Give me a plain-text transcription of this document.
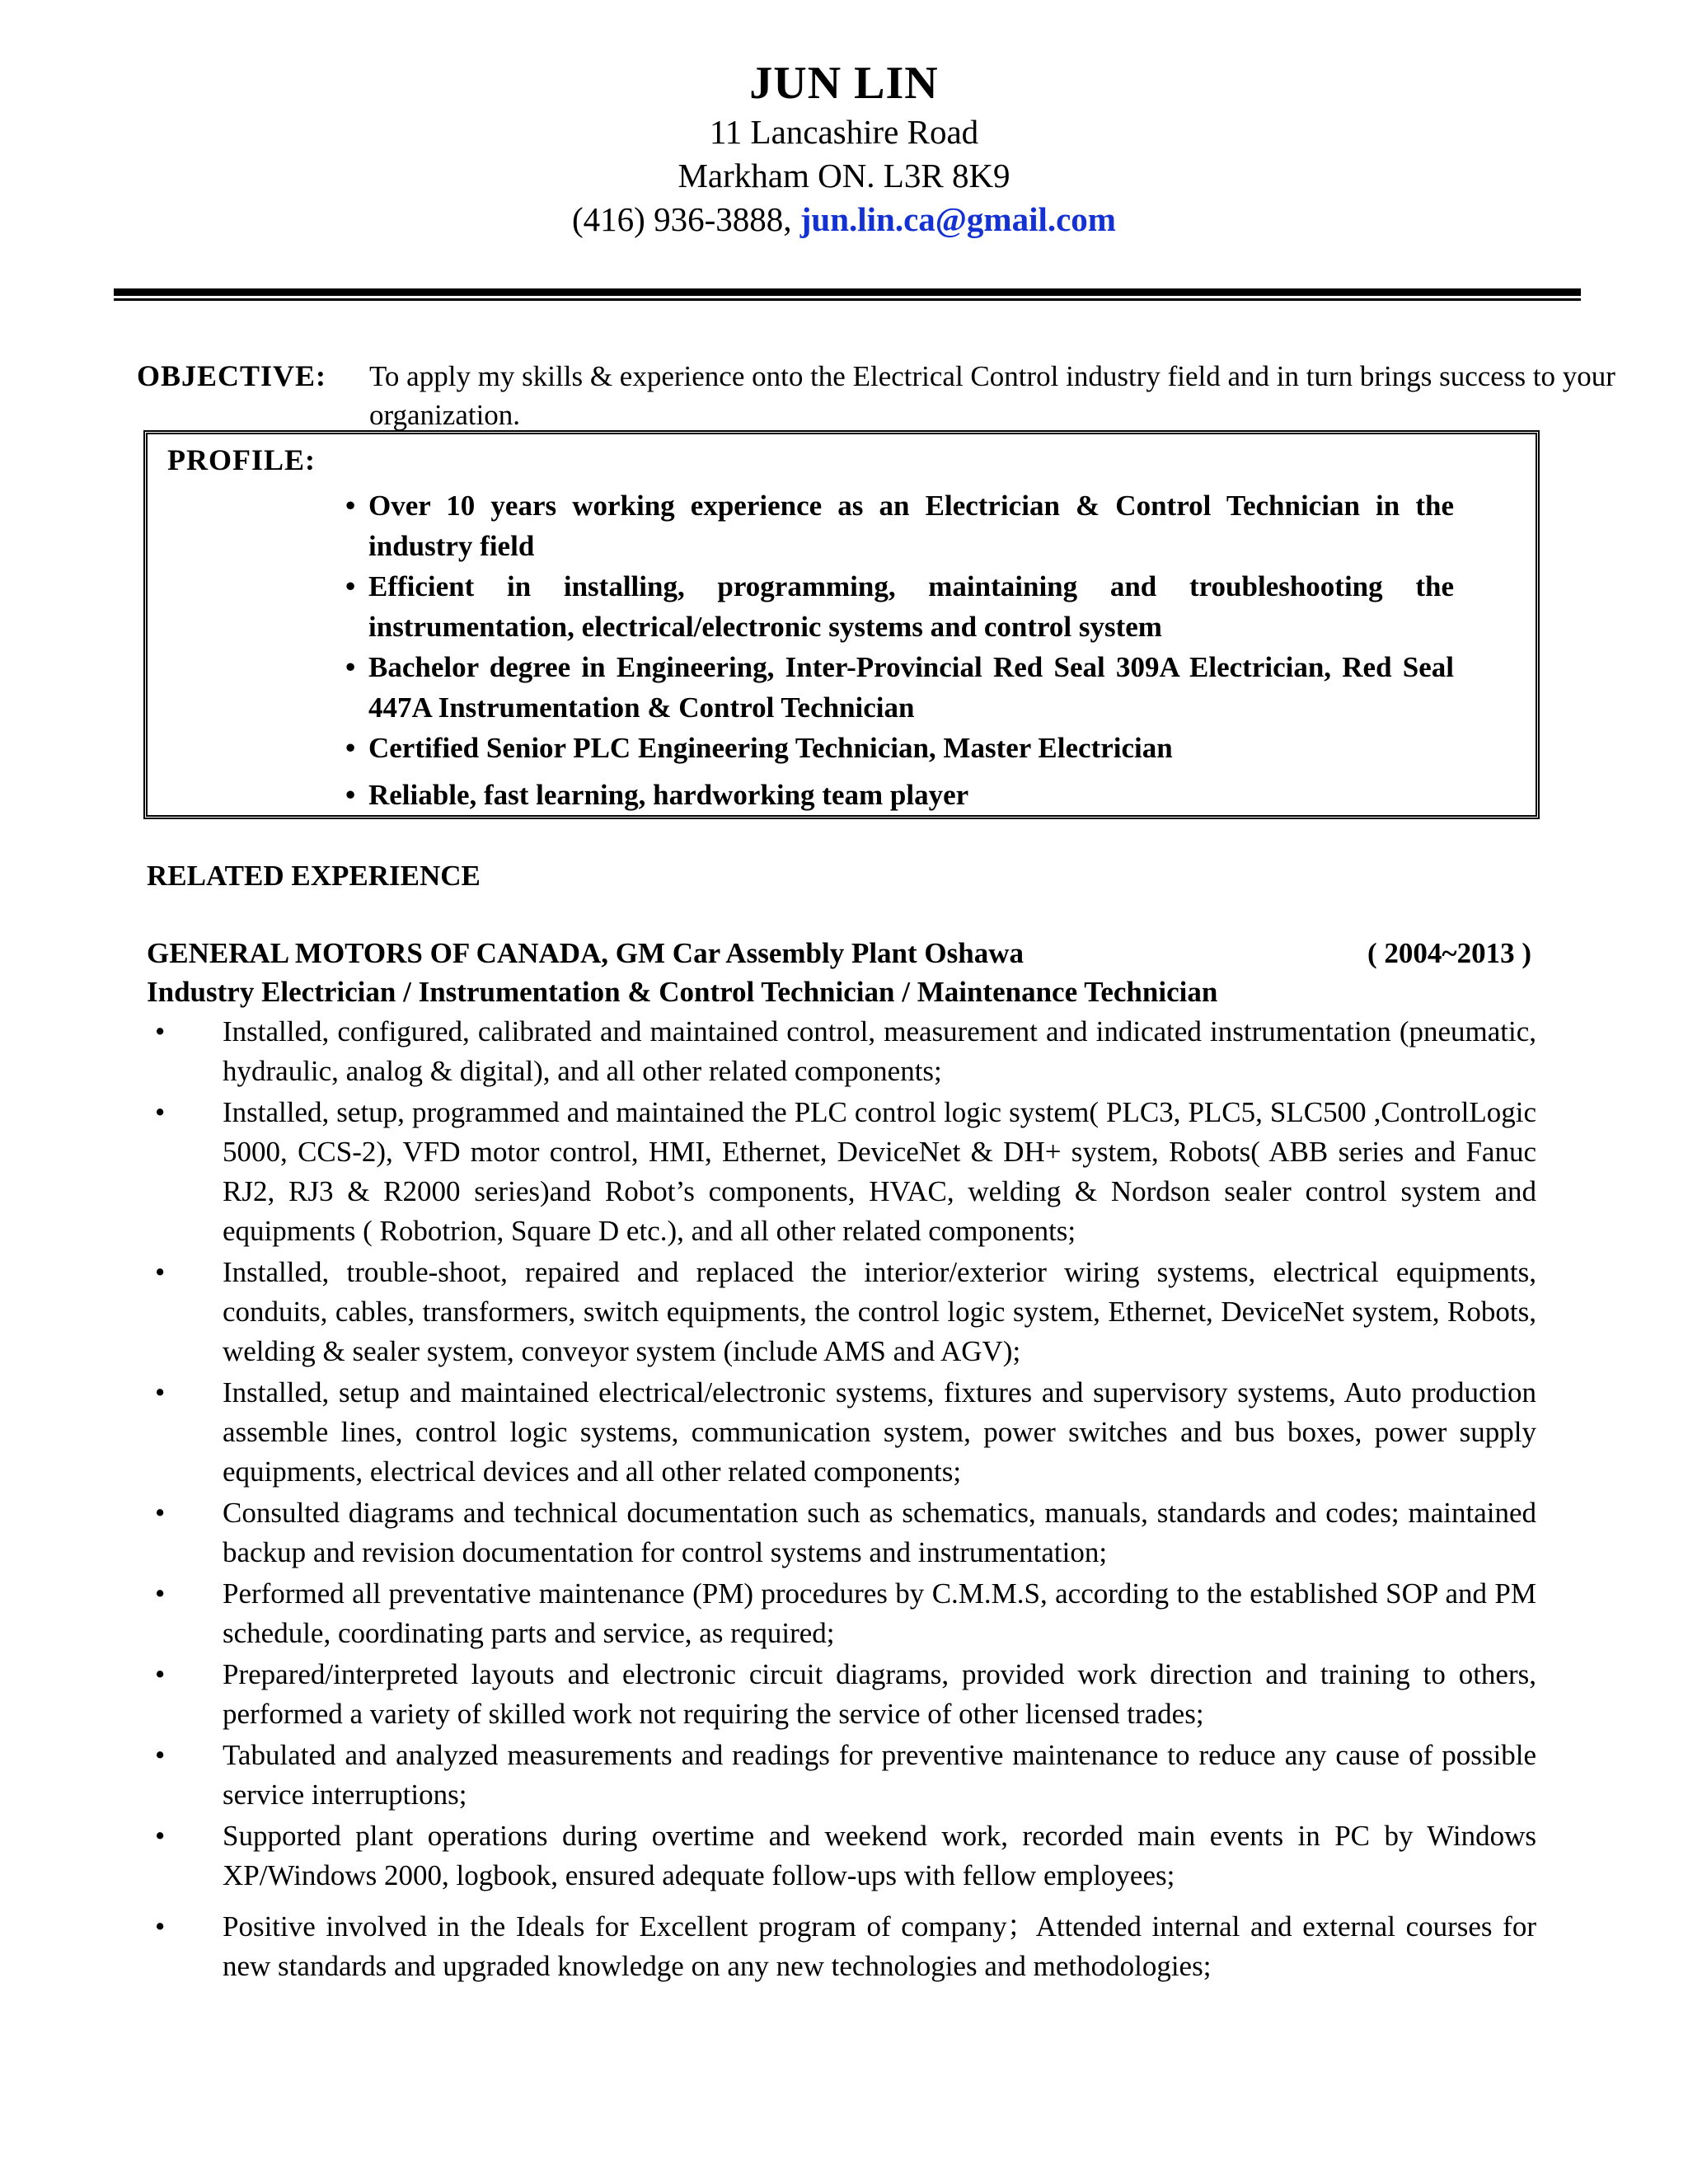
JUN LIN
11 Lancashire Road
Markham ON. L3R 8K9
(416) 936-3888, jun.lin.ca@gmail.com
OBJECTIVE: To apply my skills & experience onto the Electrical Control industry field and in turn brings success to your organization.
PROFILE:
• Over 10 years working experience as an Electrician & Control Technician in the industry field
• Efficient in installing, programming, maintaining and troubleshooting the instrumentation, electrical/electronic systems and control system
• Bachelor degree in Engineering, Inter-Provincial Red Seal 309A Electrician, Red Seal 447A Instrumentation & Control Technician
• Certified Senior PLC Engineering Technician, Master Electrician
• Reliable, fast learning, hardworking team player
RELATED EXPERIENCE
GENERAL MOTORS OF CANADA, GM Car Assembly Plant Oshawa	( 2004~2013 )
Industry Electrician / Instrumentation & Control Technician / Maintenance Technician
• Installed, configured, calibrated and maintained control, measurement and indicated instrumentation (pneumatic, hydraulic, analog & digital), and all other related components;
• Installed, setup, programmed and maintained the PLC control logic system( PLC3, PLC5, SLC500 ,ControlLogic 5000, CCS-2), VFD motor control, HMI, Ethernet, DeviceNet & DH+ system, Robots( ABB series and Fanuc RJ2, RJ3 & R2000 series)and Robot’s components, HVAC, welding & Nordson sealer control system and equipments ( Robotrion, Square D etc.), and all other related components;
• Installed, trouble-shoot, repaired and replaced the interior/exterior wiring systems, electrical equipments, conduits, cables, transformers, switch equipments, the control logic system, Ethernet, DeviceNet system, Robots, welding & sealer system, conveyor system (include AMS and AGV);
• Installed, setup and maintained electrical/electronic systems, fixtures and supervisory systems, Auto production assemble lines, control logic systems, communication system, power switches and bus boxes, power supply equipments, electrical devices and all other related components;
• Consulted diagrams and technical documentation such as schematics, manuals, standards and codes; maintained backup and revision documentation for control systems and instrumentation;
• Performed all preventative maintenance (PM) procedures by C.M.M.S, according to the established SOP and PM schedule, coordinating parts and service, as required;
• Prepared/interpreted layouts and electronic circuit diagrams, provided work direction and training to others, performed a variety of skilled work not requiring the service of other licensed trades;
• Tabulated and analyzed measurements and readings for preventive maintenance to reduce any cause of possible service interruptions;
• Supported plant operations during overtime and weekend work, recorded main events in PC by Windows XP/Windows 2000, logbook, ensured adequate follow-ups with fellow employees;
• Positive involved in the Ideals for Excellent program of company；Attended internal and external courses for new standards and upgraded knowledge on any new technologies and methodologies;
